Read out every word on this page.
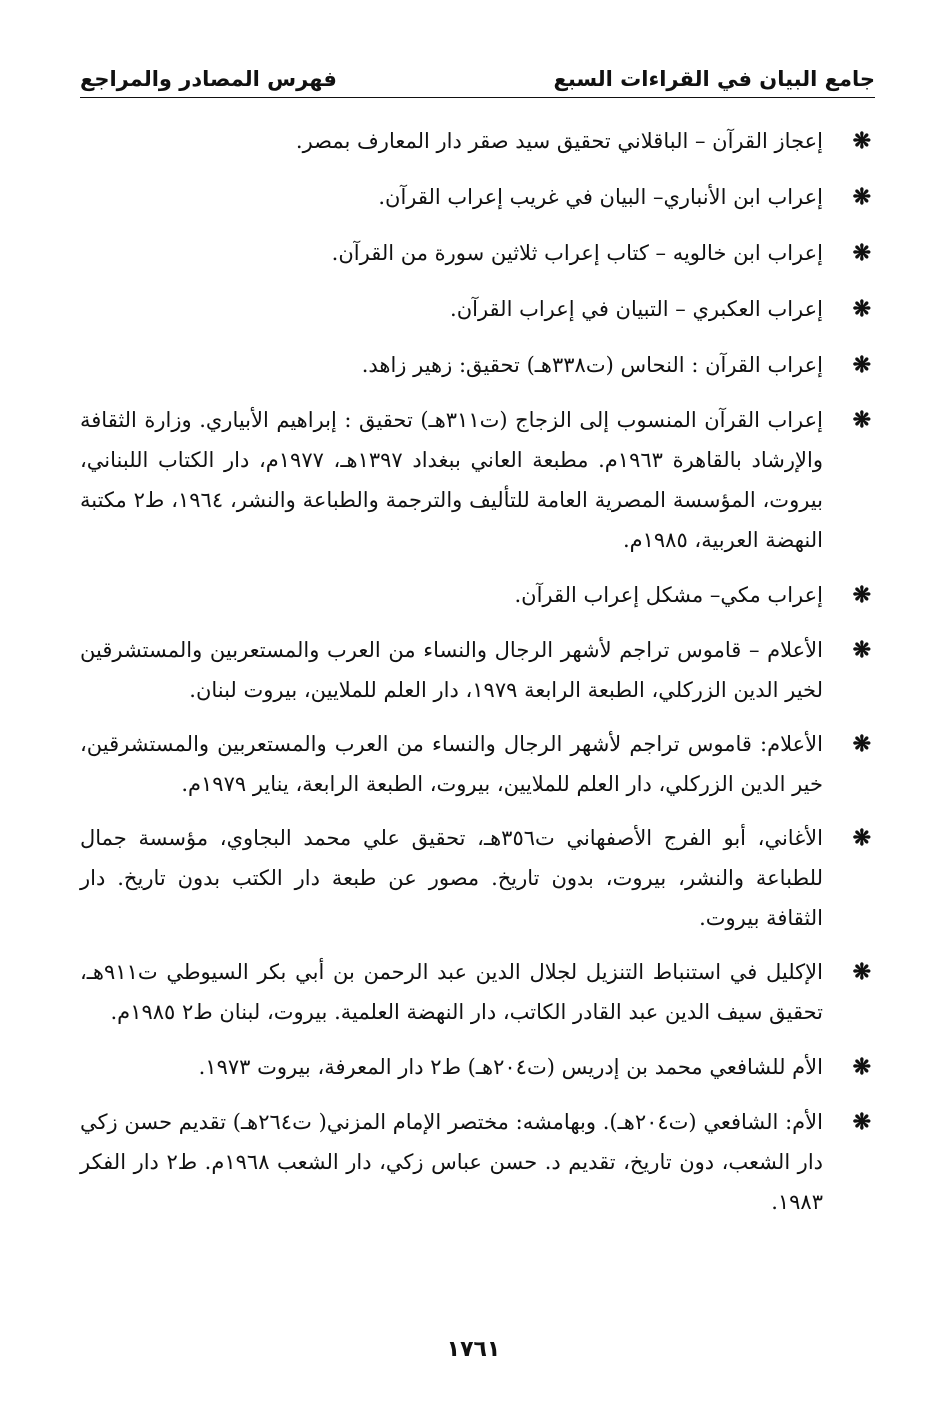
جامع البيان في القراءات السبع
فهرس المصادر والمراجع
❋
إعجاز القرآن – الباقلاني تحقيق سيد صقر دار المعارف بمصر.
❋
إعراب ابن الأنباري– البيان في غريب إعراب القرآن.
❋
إعراب ابن خالويه – كتاب إعراب ثلاثين سورة من القرآن.
❋
إعراب العكبري – التبيان في إعراب القرآن.
❋
إعراب القرآن : النحاس (ت٣٣٨هـ) تحقيق: زهير زاهد.
❋
إعراب القرآن المنسوب إلى الزجاج (ت٣١١هـ) تحقيق : إبراهيم الأبياري. وزارة الثقافة والإرشاد بالقاهرة ١٩٦٣م. مطبعة العاني ببغداد ١٣٩٧هـ، ١٩٧٧م، دار الكتاب اللبناني، بيروت، المؤسسة المصرية العامة للتأليف والترجمة والطباعة والنشر، ١٩٦٤، ط٢ مكتبة النهضة العربية، ١٩٨٥م.
❋
إعراب مكي– مشكل إعراب القرآن.
❋
الأعلام – قاموس تراجم لأشهر الرجال والنساء من العرب والمستعربين والمستشرقين لخير الدين الزركلي، الطبعة الرابعة ١٩٧٩، دار العلم للملايين، بيروت لبنان.
❋
الأعلام: قاموس تراجم لأشهر الرجال والنساء من العرب والمستعربين والمستشرقين، خير الدين الزركلي، دار العلم للملايين، بيروت، الطبعة الرابعة، يناير ١٩٧٩م.
❋
الأغاني، أبو الفرج الأصفهاني ت٣٥٦هـ، تحقيق علي محمد البجاوي، مؤسسة جمال للطباعة والنشر، بيروت، بدون تاريخ. مصور عن طبعة دار الكتب بدون تاريخ. دار الثقافة بيروت.
❋
الإكليل في استنباط التنزيل لجلال الدين عبد الرحمن بن أبي بكر السيوطي ت٩١١هـ، تحقيق سيف الدين عبد القادر الكاتب، دار النهضة العلمية. بيروت، لبنان ط٢ ١٩٨٥م.
❋
الأم للشافعي محمد بن إدريس (ت٢٠٤هـ) ط٢ دار المعرفة، بيروت ١٩٧٣.
❋
الأم: الشافعي (ت٢٠٤هـ). وبهامشه: مختصر الإمام المزني( ت٢٦٤هـ) تقديم حسن زكي دار الشعب، دون تاريخ، تقديم د. حسن عباس زكي، دار الشعب ١٩٦٨م. ط٢ دار الفكر ١٩٨٣.
١٧٦١
